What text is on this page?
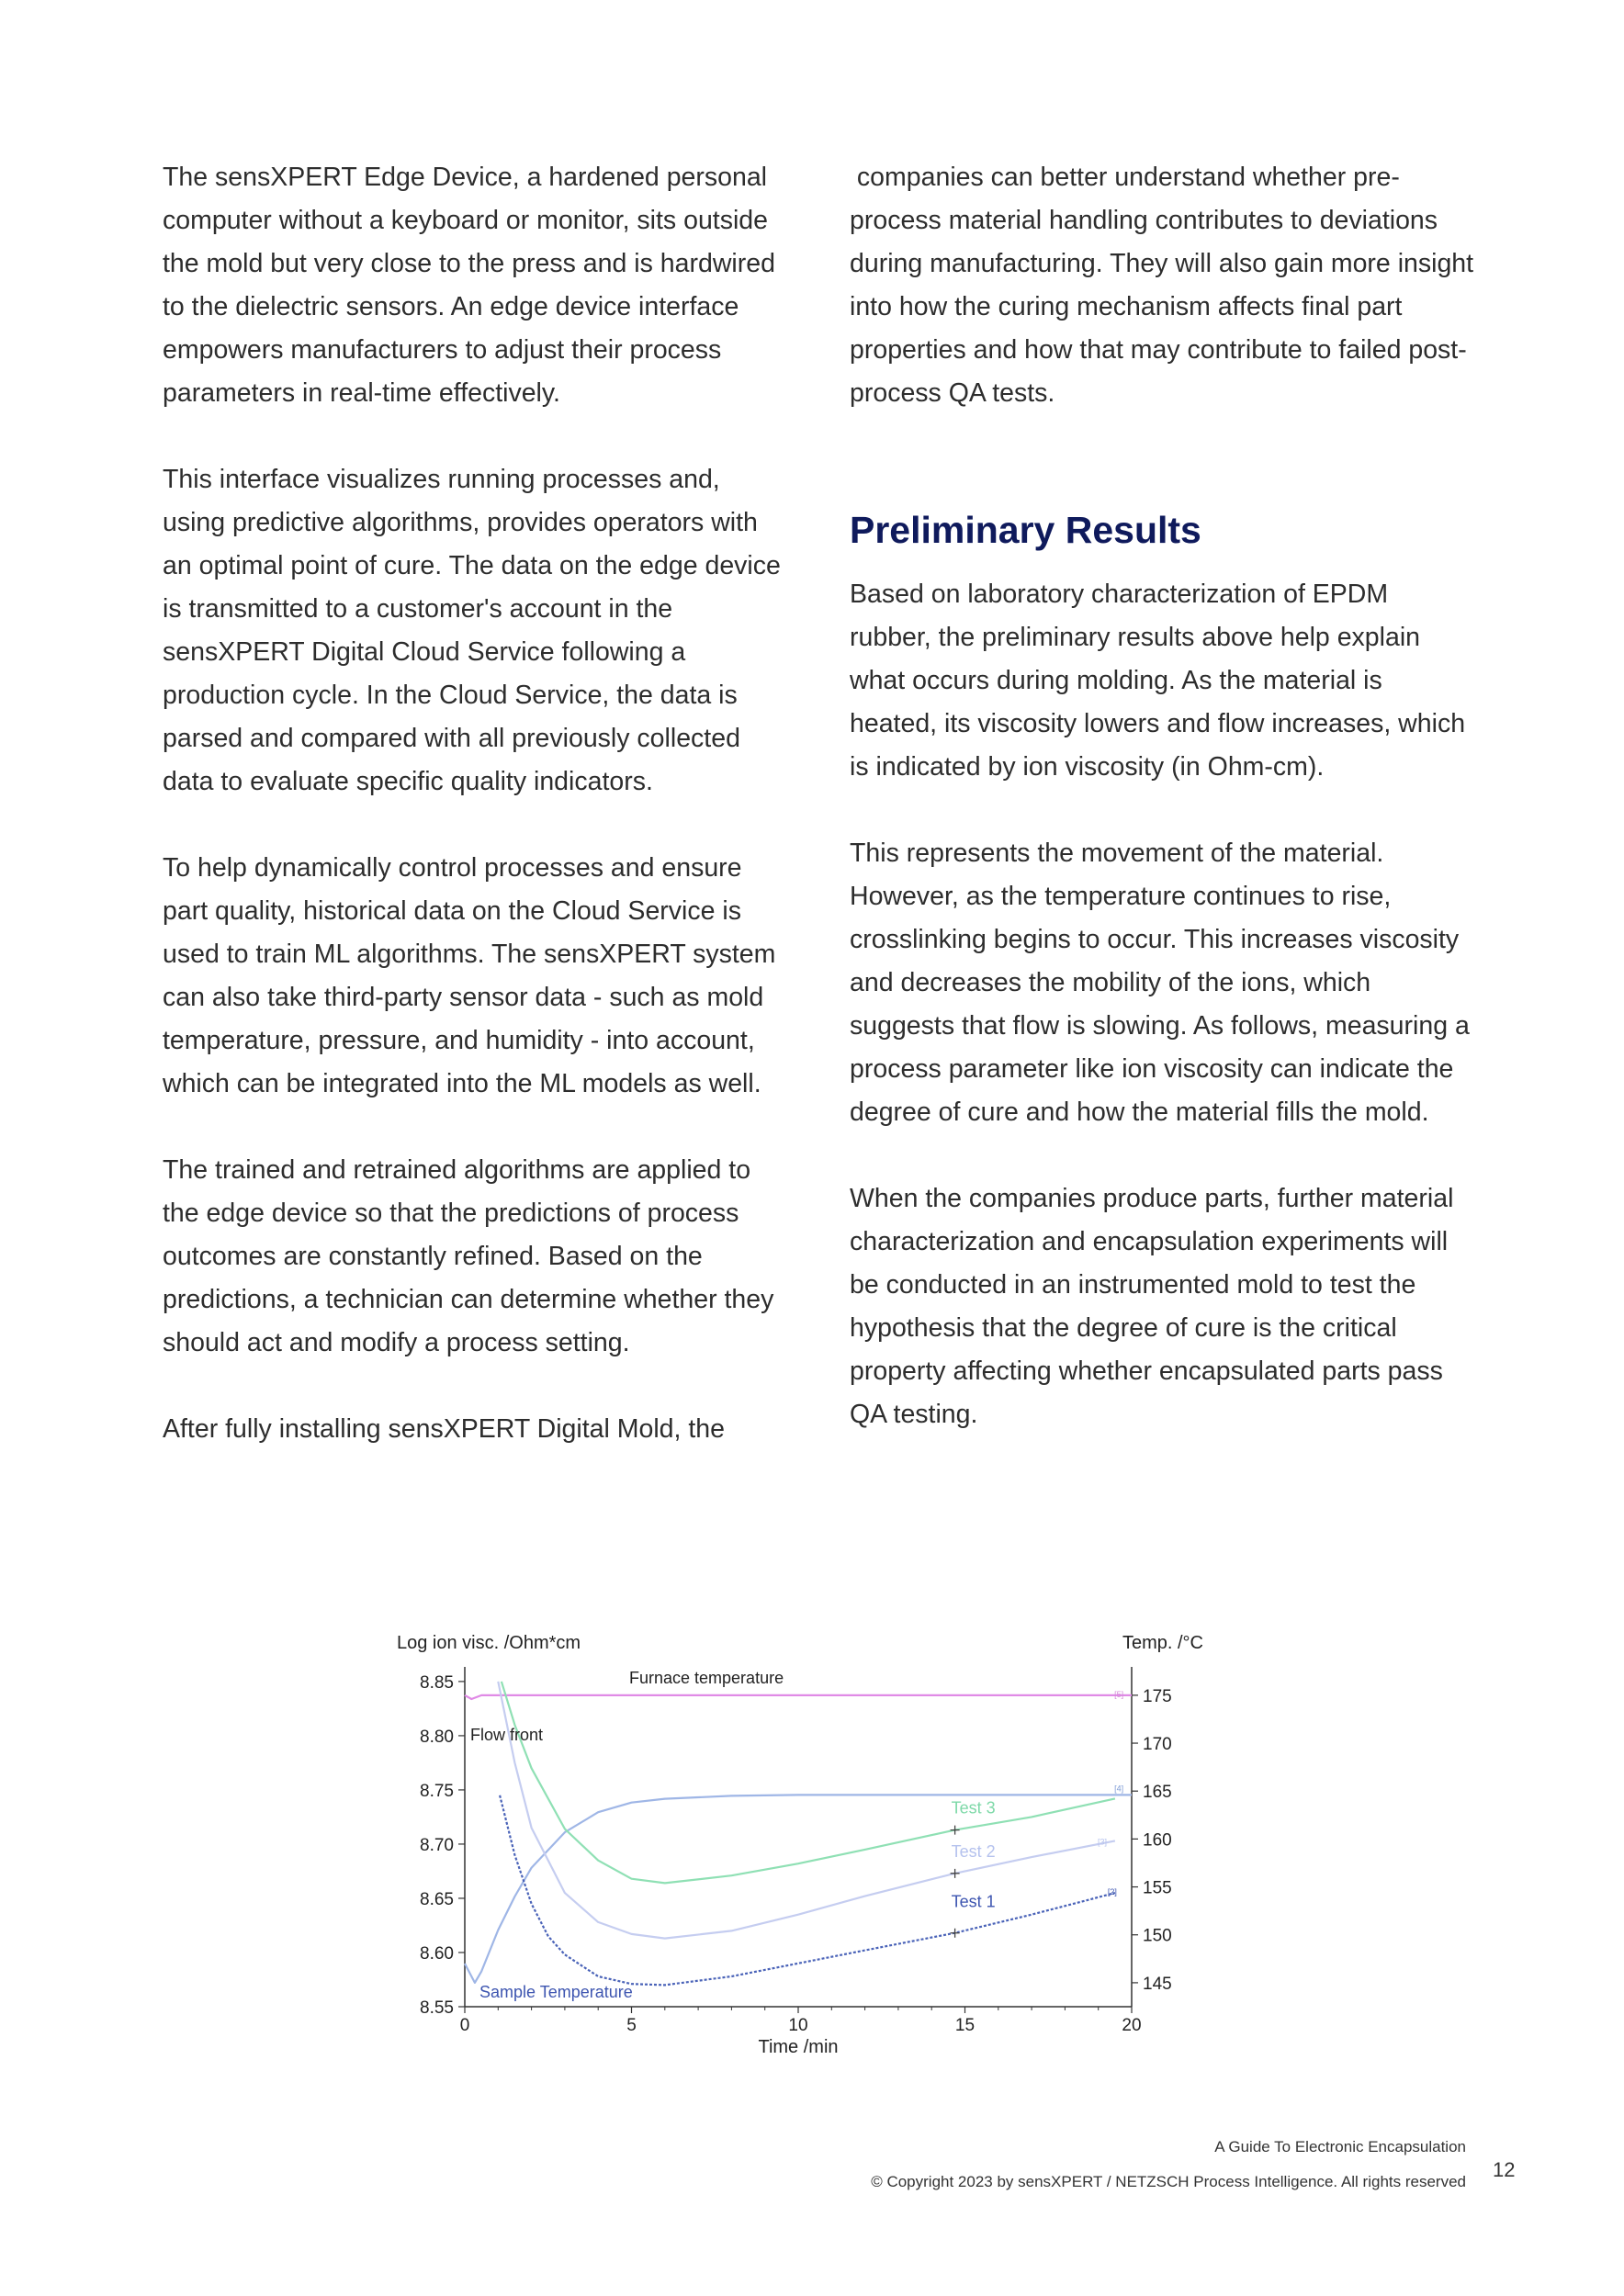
The sensXPERT Edge Device, a hardened personal computer without a keyboard or monitor, sits outside the mold but very close to the press and is hardwired to the dielectric sensors. An edge device interface empowers manufacturers to adjust their process parameters in real-time effectively.

This interface visualizes running processes and, using predictive algorithms, provides operators with an optimal point of cure. The data on the edge device is transmitted to a customer's account in the sensXPERT Digital Cloud Service following a production cycle. In the Cloud Service, the data is parsed and compared with all previously collected data to evaluate specific quality indicators.

To help dynamically control processes and ensure part quality, historical data on the Cloud Service is used to train ML algorithms. The sensXPERT system can also take third-party sensor data - such as mold temperature, pressure, and humidity - into account, which can be integrated into the ML models as well.

The trained and retrained algorithms are applied to the edge device so that the predictions of process outcomes are constantly refined. Based on the predictions, a technician can determine whether they should act and modify a process setting.

After fully installing sensXPERT Digital Mold, the

companies can better understand whether pre-process material handling contributes to deviations during manufacturing. They will also gain more insight into how the curing mechanism affects final part properties and how that may contribute to failed post-process QA tests.

Preliminary Results

Based on laboratory characterization of EPDM rubber, the preliminary results above help explain what occurs during molding. As the material is heated, its viscosity lowers and flow increases, which is indicated by ion viscosity (in Ohm-cm).

This represents the movement of the material. However, as the temperature continues to rise, crosslinking begins to occur. This increases viscosity and decreases the mobility of the ions, which suggests that flow is slowing. As follows, measuring a process parameter like ion viscosity can indicate the degree of cure and how the material fills the mold.

When the companies produce parts, further material characterization and encapsulation experiments will be conducted in an instrumented mold to test the hypothesis that the degree of cure is the critical property affecting whether encapsulated parts pass QA testing.

Log ion visc. /Ohm*cm	Temp. /°C
Time /min
0	5	10	15	20
8.55
8.60
8.65
8.70
8.75
8.80
8.85
145
150
155
160
165
170
175
Test 3
Test 2
Test 1
Furnace temperature
Flow front
Sample Temperature
[5]
[4]
[3]
[2]
A Guide To Electronic Encapsulation
© Copyright 2023 by sensXPERT / NETZSCH Process Intelligence. All rights reserved
12
